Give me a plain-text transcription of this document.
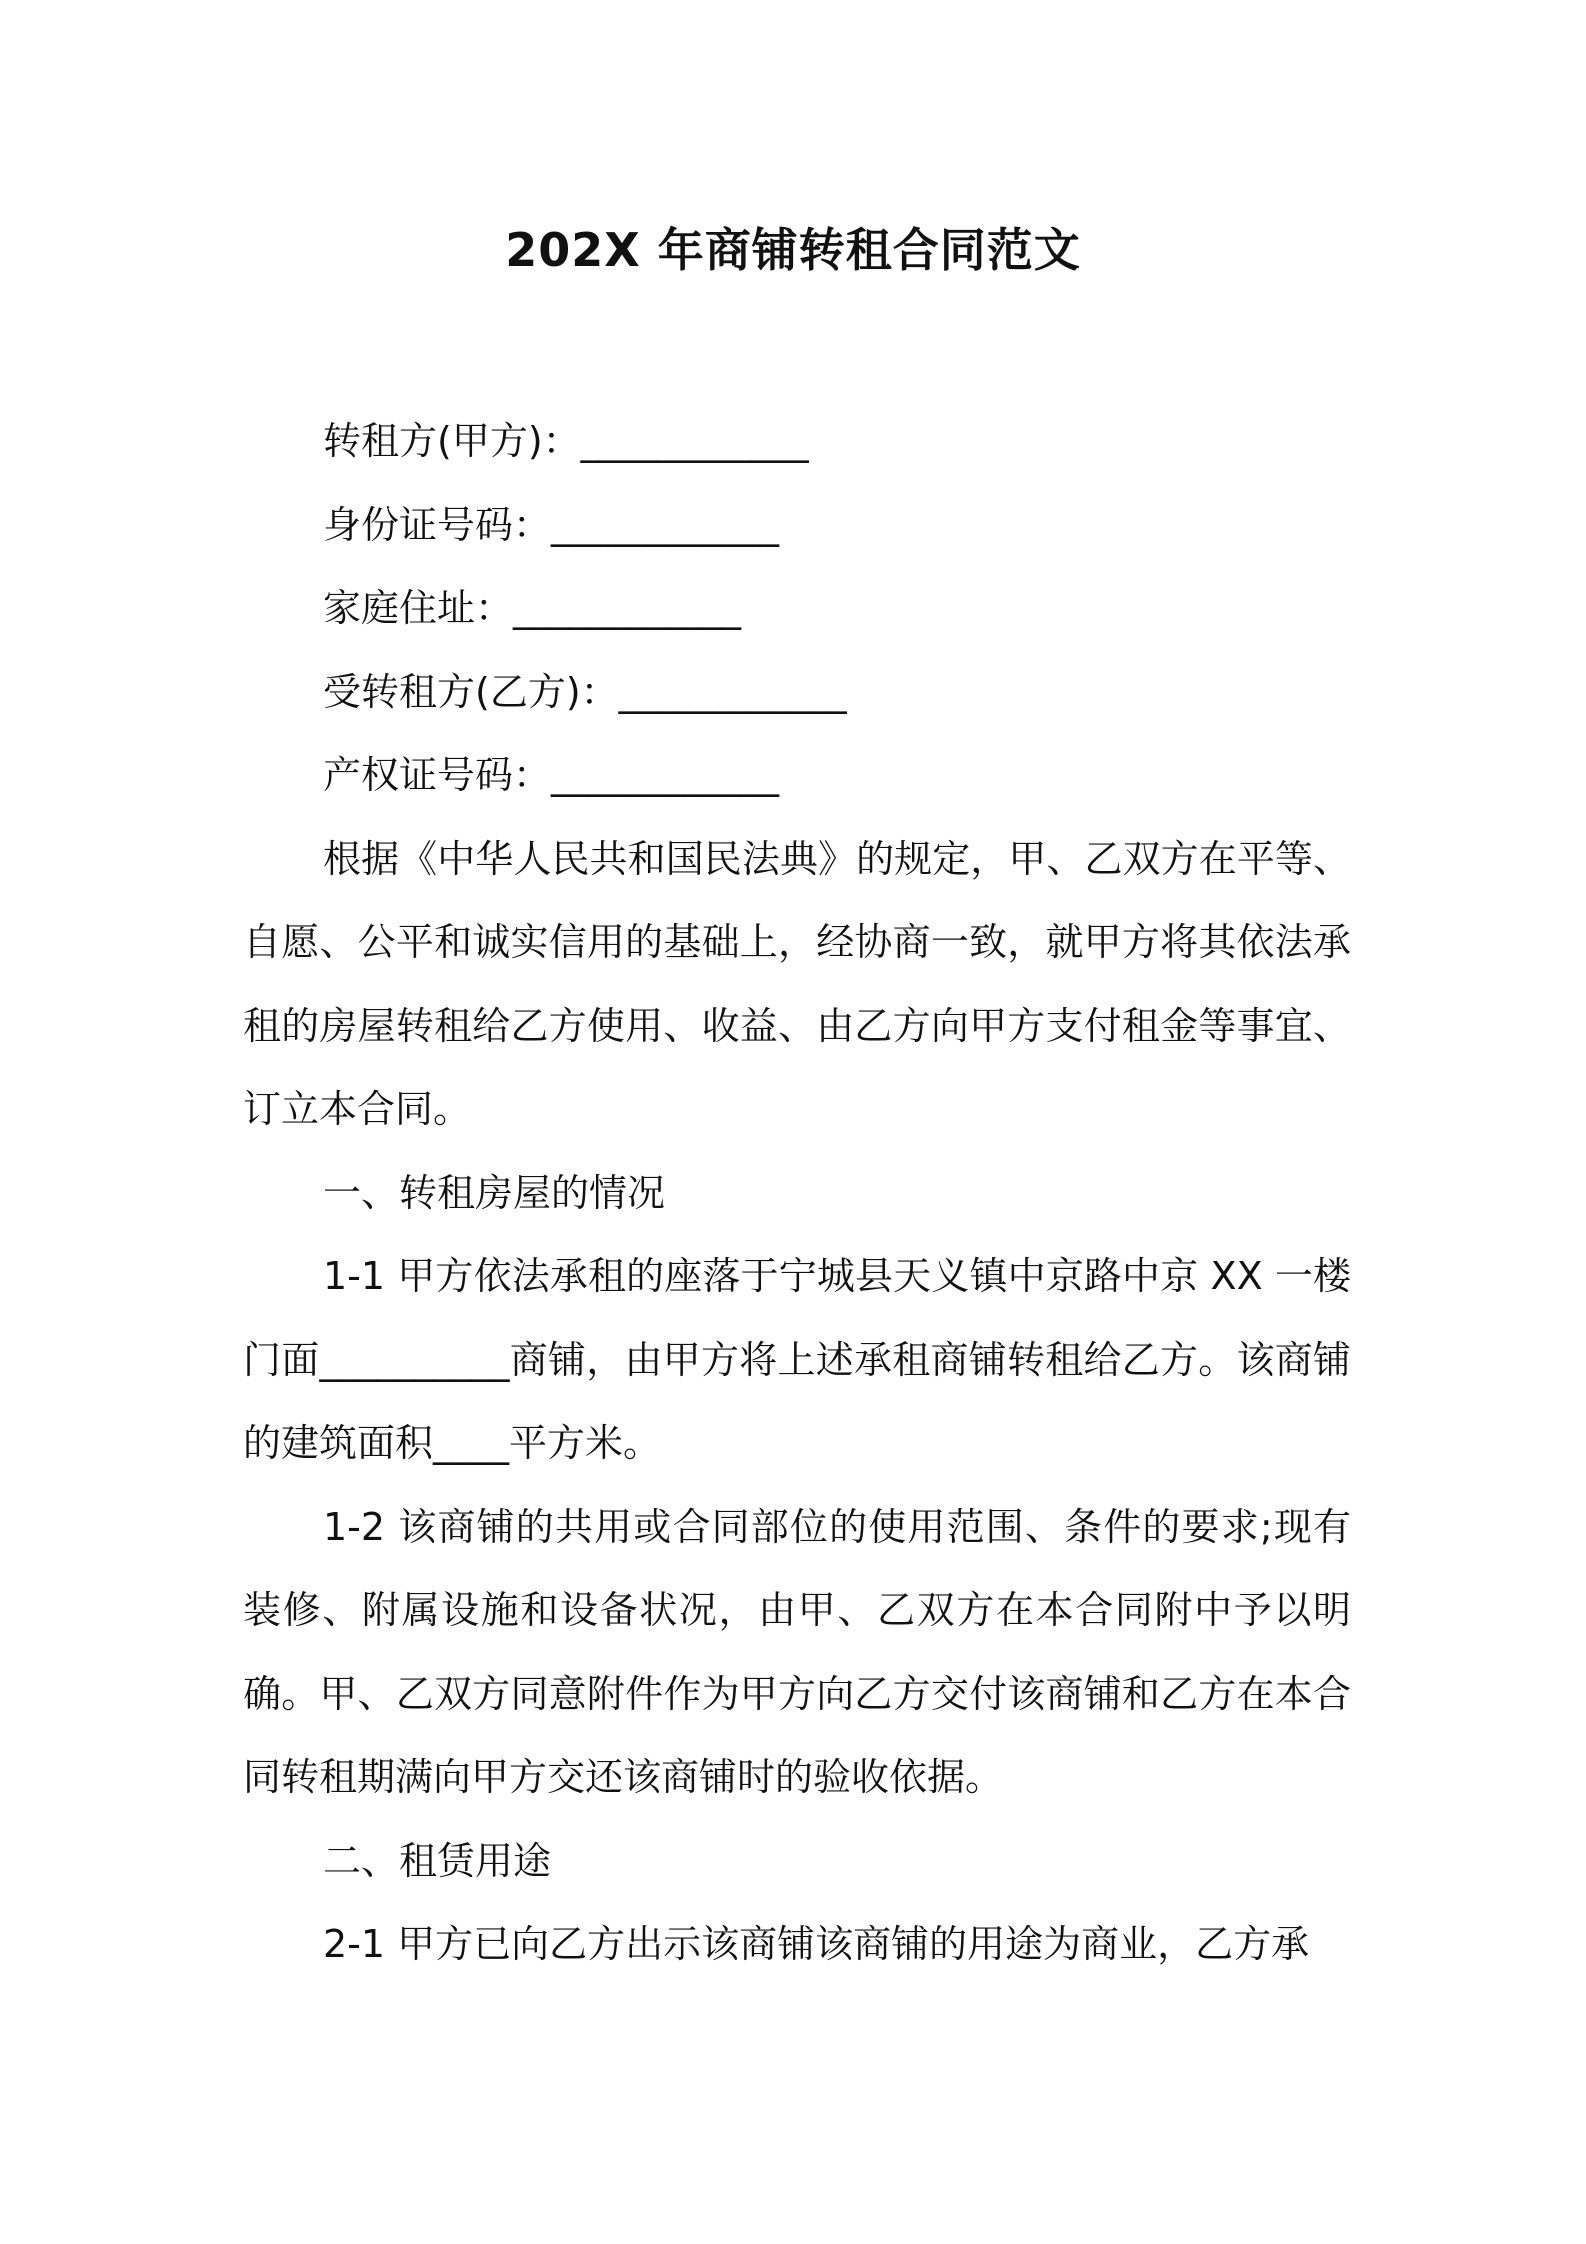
202X 年商铺转租合同范文

转租方(甲方)：____________

身份证号码：____________

家庭住址：____________

受转租方(乙方)：____________

产权证号码：____________

根据《中华人民共和国民法典》的规定，甲、乙双方在平等、自愿、公平和诚实信用的基础上，经协商一致，就甲方将其依法承租的房屋转租给乙方使用、收益、由乙方向甲方支付租金等事宜、订立本合同。

一、转租房屋的情况

1-1 甲方依法承租的座落于宁城县天义镇中京路中京 XX 一楼门面__________商铺，由甲方将上述承租商铺转租给乙方。该商铺的建筑面积____平方米。

1-2 该商铺的共用或合同部位的使用范围、条件的要求;现有装修、附属设施和设备状况，由甲、乙双方在本合同附中予以明确。甲、乙双方同意附件作为甲方向乙方交付该商铺和乙方在本合同转租期满向甲方交还该商铺时的验收依据。

二、租赁用途

2-1 甲方已向乙方出示该商铺该商铺的用途为商业，乙方承
